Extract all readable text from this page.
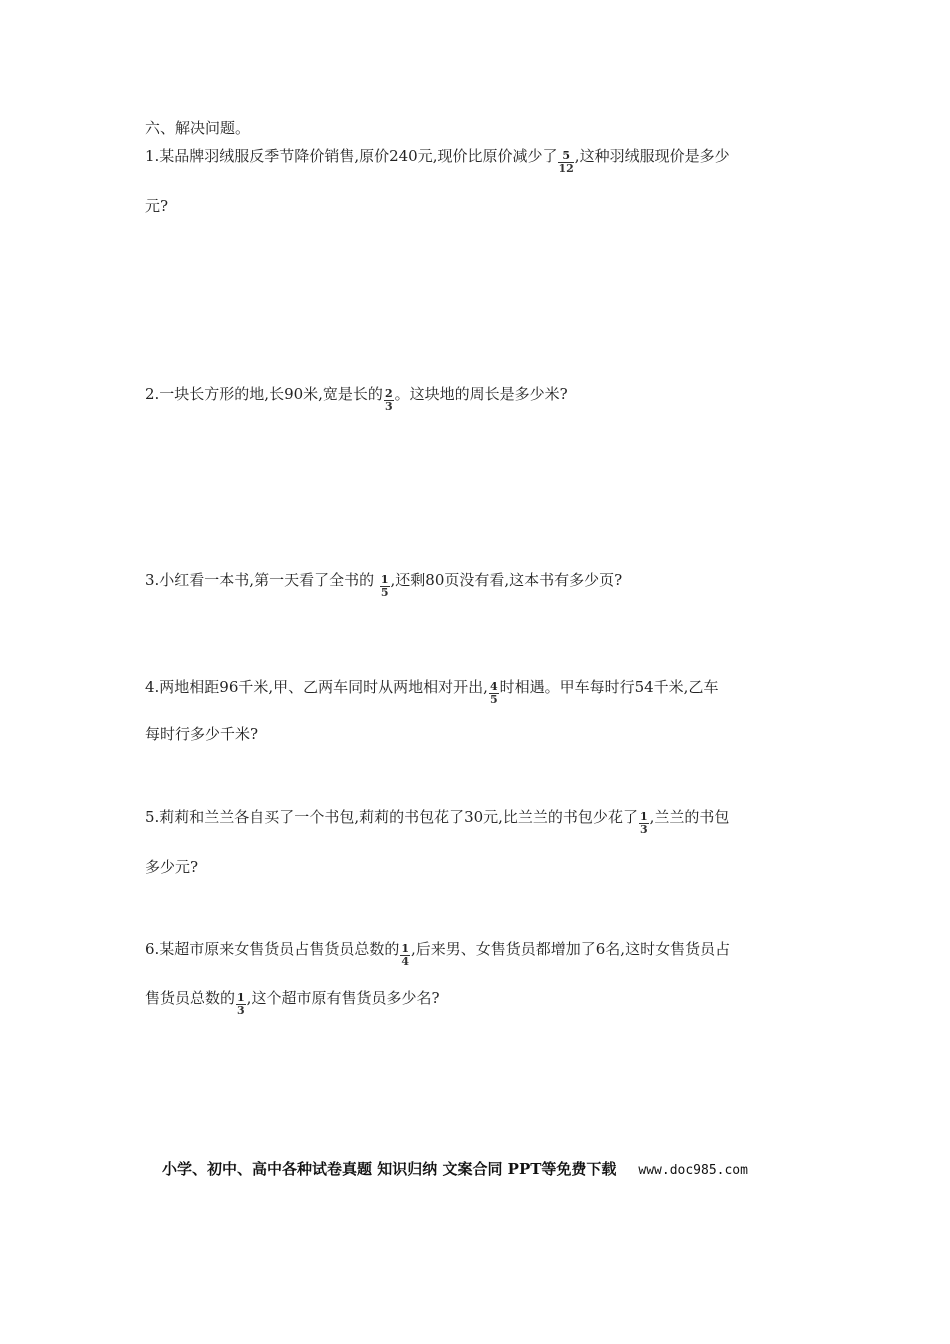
六、解决问题。
1.某品牌羽绒服反季节降价销售,原价240元,现价比原价减少了 $\frac{5}{12}$ ,这种羽绒服现价是多少
元?
2.一块长方形的地,长90米,宽是长的 $\frac{2}{3}$ 。这块地的周长是多少米?
3.小红看一本书,第一天看了全书的 $\frac{1}{5}$ ,还剩80页没有看,这本书有多少页?
4.两地相距96千米,甲、乙两车同时从两地相对开出, $\frac{4}{5}$ 时相遇。甲车每时行54千米,乙车
每时行多少千米?
5.莉莉和兰兰各自买了一个书包,莉莉的书包花了30元,比兰兰的书包少花了 $\frac{1}{3}$ ,兰兰的书包
多少元?
6.某超市原来女售货员占售货员总数的 $\frac{1}{4}$ ,后来男、女售货员都增加了6名,这时女售货员占
售货员总数的 $\frac{1}{3}$ ,这个超市原有售货员多少名?
小学、初中、高中各种试卷真题 知识归纳 文案合同 PPT等免费下载 www.doc985.com
